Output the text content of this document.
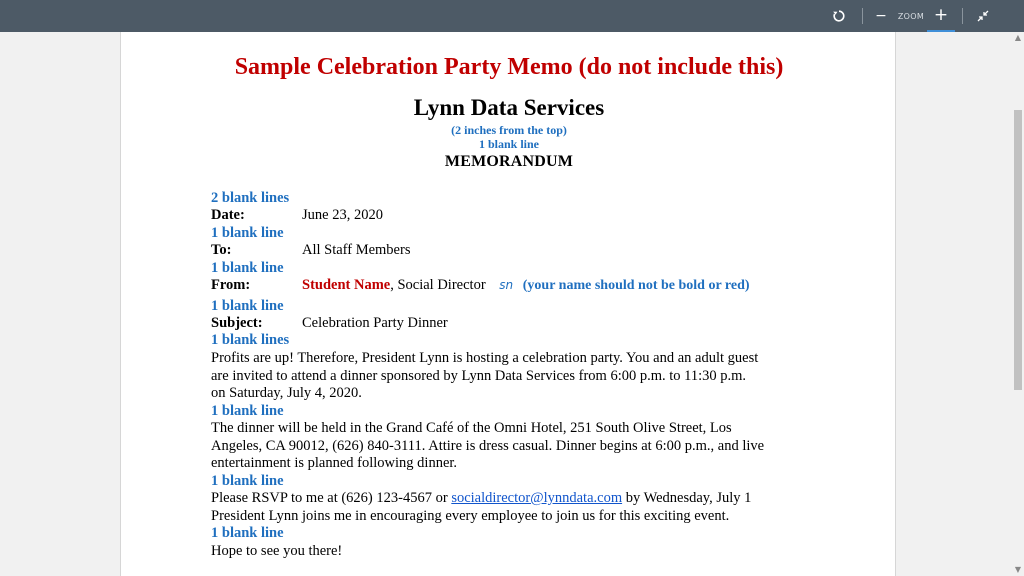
−	ZOOM +
Sample Celebration Party Memo (do not include this)
Lynn Data Services
(2 inches from the top)
1 blank line
MEMORANDUM
2 blank lines
Date:	June 23, 2020
1 blank line
To:	All Staff Members
1 blank line
From:	Student Name, Social Director sn (your name should not be bold or red)
1 blank line
Subject:	Celebration Party Dinner
1 blank lines
Profits are up! Therefore, President Lynn is hosting a celebration party. You and an adult guest
are invited to attend a dinner sponsored by Lynn Data Services from 6:00 p.m. to 11:30 p.m.
on Saturday, July 4, 2020.
1 blank line
The dinner will be held in the Grand Café of the Omni Hotel, 251 South Olive Street, Los
Angeles, CA 90012, (626) 840-3111. Attire is dress casual. Dinner begins at 6:00 p.m., and live
entertainment is planned following dinner.
1 blank line
Please RSVP to me at (626) 123-4567 or socialdirector@lynndata.com by Wednesday, July 1
President Lynn joins me in encouraging every employee to join us for this exciting event.
1 blank line
Hope to see you there!
▲
▼
